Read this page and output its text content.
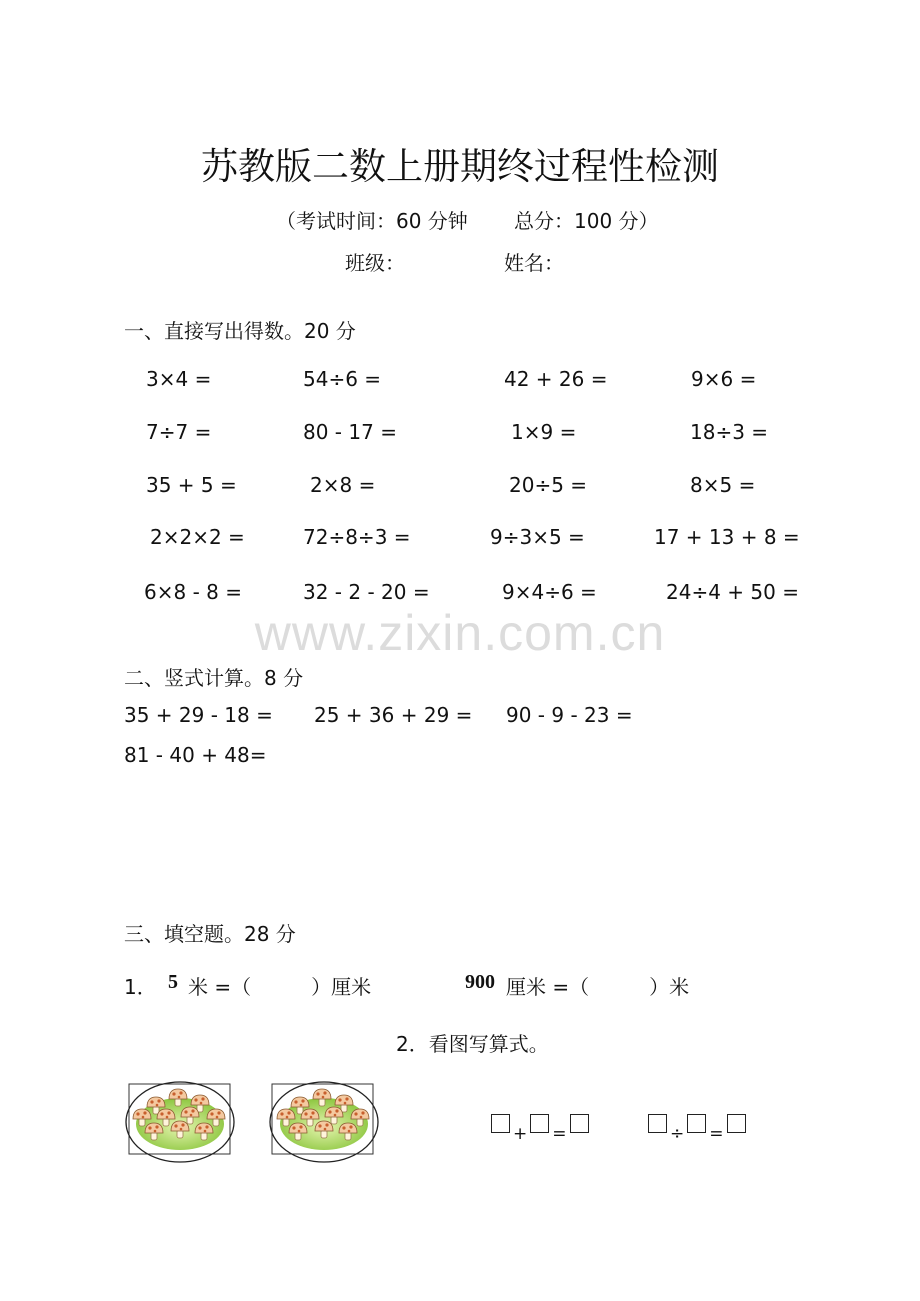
苏教版二数上册期终过程性检测
（考试时间：60 分钟 总分：100 分）
班级：	姓名：
一、直接写出得数。20 分
3×4 =	54÷6 =	42 + 26 =	9×6 =
7÷7 =	80 - 17 =	1×9 =	18÷3 =
35 + 5 =	2×8 =	20÷5 =	8×5 =
2×2×2 =	72÷8÷3 =	9÷3×5 =	17 + 13 + 8 =
6×8 - 8 =	32 - 2 - 20 =	9×4÷6 =	24÷4 + 50 =
www.zixin.com.cn
二、竖式计算。8 分
35 + 29 - 18 = 25 + 36 + 29 = 90 - 9 - 23 =
81 - 40 + 48=
三、填空题。28 分
1． 5 米 =（　　　）厘米	900 厘米 =（　　　）米
2．看图写算式。
+ =	÷ =
